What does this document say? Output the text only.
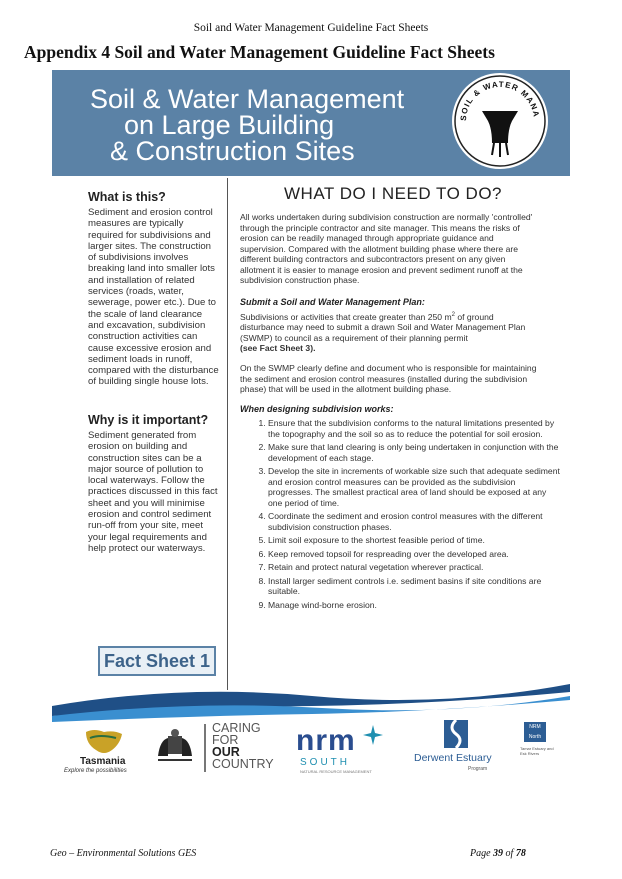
Soil and Water Management Guideline Fact Sheets
Appendix 4 Soil and Water Management Guideline Fact Sheets
Soil & Water Management
on Large Building
& Construction Sites
SOIL & WATER MANA
What is this?

Sediment and erosion control measures are typically required for subdivisions and larger sites. The construction of subdivisions involves breaking land into smaller lots and installation of related services (roads, water, sewerage, power etc.). Due to the scale of land clearance and excavation, subdivision construction activities can cause excessive erosion and sediment loads in runoff, compared with the disturbance of building single house lots.

Why is it important?

Sediment generated from erosion on building and construction sites can be a major source of pollution to local waterways. Follow the practices discussed in this fact sheet and you will minimise erosion and control sediment run-off from your site, meet your legal requirements and help protect our waterways.

Fact Sheet 1
WHAT DO I NEED TO DO?

All works undertaken during subdivision construction are normally 'controlled' through the principle contractor and site manager. This means the risks of erosion can be readily managed through appropriate guidance and supervision. Compared with the allotment building phase where there are different building contractors and subcontractors present on any given allotment it is easier to manage erosion and prevent sediment runoff at the subdivision construction phase.

Submit a Soil and Water Management Plan:

Subdivisions or activities that create greater than 250 $m^2$ of ground disturbance may need to submit a drawn Soil and Water Management Plan (SWMP) to council as a requirement of their planning permit
(see Fact Sheet 3).

On the SWMP clearly define and document who is responsible for maintaining the sediment and erosion control measures (installed during the subdivision phase) that will be used in the allotment building phase.

When designing subdivision works:
1. Ensure that the subdivision conforms to the natural limitations presented by the topography and the soil so as to reduce the potential for soil erosion.
2. Make sure that land clearing is only being undertaken in conjunction with the development of each stage.
3. Develop the site in increments of workable size such that adequate sediment and erosion control measures can be provided as the subdivision progresses. The smallest practical area of land should be exposed at any one period of time.
4. Coordinate the sediment and erosion control measures with the different subdivision construction phases.
5. Limit soil exposure to the shortest feasible period of time.
6. Keep removed topsoil for respreading over the developed area.
7. Retain and protect natural vegetation wherever practical.
8. Install larger sediment controls i.e. sediment basins if site conditions are suitable.
9. Manage wind-borne erosion.
Tasmania
Explore the possibilities
CARING
FOR
OUR
COUNTRY
nrm
SOUTH
NATURAL RESOURCE MANAGEMENT
Derwent Estuary
Program
NRM North
Tamar Estuary and Esk Rivers
Geo – Environmental Solutions GES	Page 39 of 78
